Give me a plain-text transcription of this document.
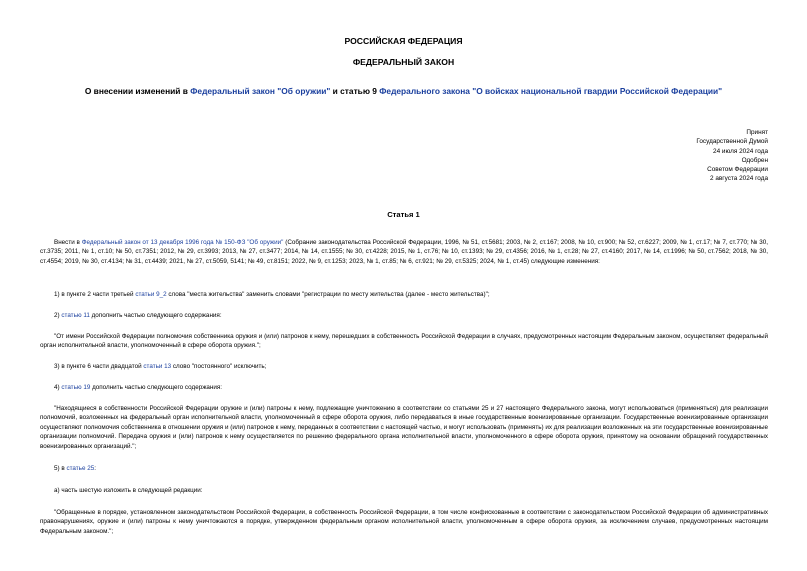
РОССИЙСКАЯ ФЕДЕРАЦИЯ
ФЕДЕРАЛЬНЫЙ ЗАКОН
О внесении изменений в Федеральный закон "Об оружии" и статью 9 Федерального закона "О войсках национальной гвардии Российской Федерации"
Принят
Государственной Думой
24 июля 2024 года
Одобрен
Советом Федерации
2 августа 2024 года
Статья 1

Внести в Федеральный закон от 13 декабря 1996 года № 150-ФЗ "Об оружии" (Собрание законодательства Российской Федерации, 1996, № 51, ст.5681; 2003, № 2, ст.167; 2008, № 10, ст.900; № 52, ст.6227; 2009, № 1, ст.17; № 7, ст.770; № 30, ст.3735; 2011, № 1, ст.10; № 50, ст.7351; 2012, № 29, ст.3993; 2013, № 27, ст.3477; 2014, № 14, ст.1555; № 30, ст.4228; 2015, № 1, ст.76; № 10, ст.1393; № 29, ст.4356; 2016, № 1, ст.28; № 27, ст.4160; 2017, № 14, ст.1996; № 50, ст.7562; 2018, № 30, ст.4554; 2019, № 30, ст.4134; № 31, ст.4439; 2021, № 27, ст.5059, 5141; № 49, ст.8151; 2022, № 9, ст.1253; 2023, № 1, ст.85; № 6, ст.921; № 29, ст.5325; 2024, № 1, ст.45) следующие изменения:

1) в пункте 2 части третьей статьи 9_2 слова "места жительства" заменить словами "регистрации по месту жительства (далее - место жительства)";

2) статью 11 дополнить частью следующего содержания:

"От имени Российской Федерации полномочия собственника оружия и (или) патронов к нему, перешедших в собственность Российской Федерации в случаях, предусмотренных настоящим Федеральным законом, осуществляет федеральный орган исполнительной власти, уполномоченный в сфере оборота оружия.";

3) в пункте 6 части двадцатой статьи 13 слово "постоянного" исключить;

4) статью 19 дополнить частью следующего содержания:

"Находящиеся в собственности Российской Федерации оружие и (или) патроны к нему, подлежащие уничтожению в соответствии со статьями 25 и 27 настоящего Федерального закона, могут использоваться (применяться) для реализации полномочий, возложенных на федеральный орган исполнительной власти, уполномоченный в сфере оборота оружия, либо передаваться в иные государственные военизированные организации. Государственные военизированные организации осуществляют полномочия собственника в отношении оружия и (или) патронов к нему, переданных в соответствии с настоящей частью, и могут использовать (применять) их для реализации возложенных на эти государственные военизированные организации полномочий. Передача оружия и (или) патронов к нему осуществляется по решению федерального органа исполнительной власти, уполномоченного в сфере оборота оружия, принятому на основании обращений государственных военизированных организаций.";

5) в статье 25:

а) часть шестую изложить в следующей редакции:

"Обращенные в порядке, установленном законодательством Российской Федерации, в собственность Российской Федерации, в том числе конфискованные в соответствии с законодательством Российской Федерации об административных правонарушениях, оружие и (или) патроны к нему уничтожаются в порядке, утвержденном федеральным органом исполнительной власти, уполномоченным в сфере оборота оружия, за исключением случаев, предусмотренных настоящим Федеральным законом.";
